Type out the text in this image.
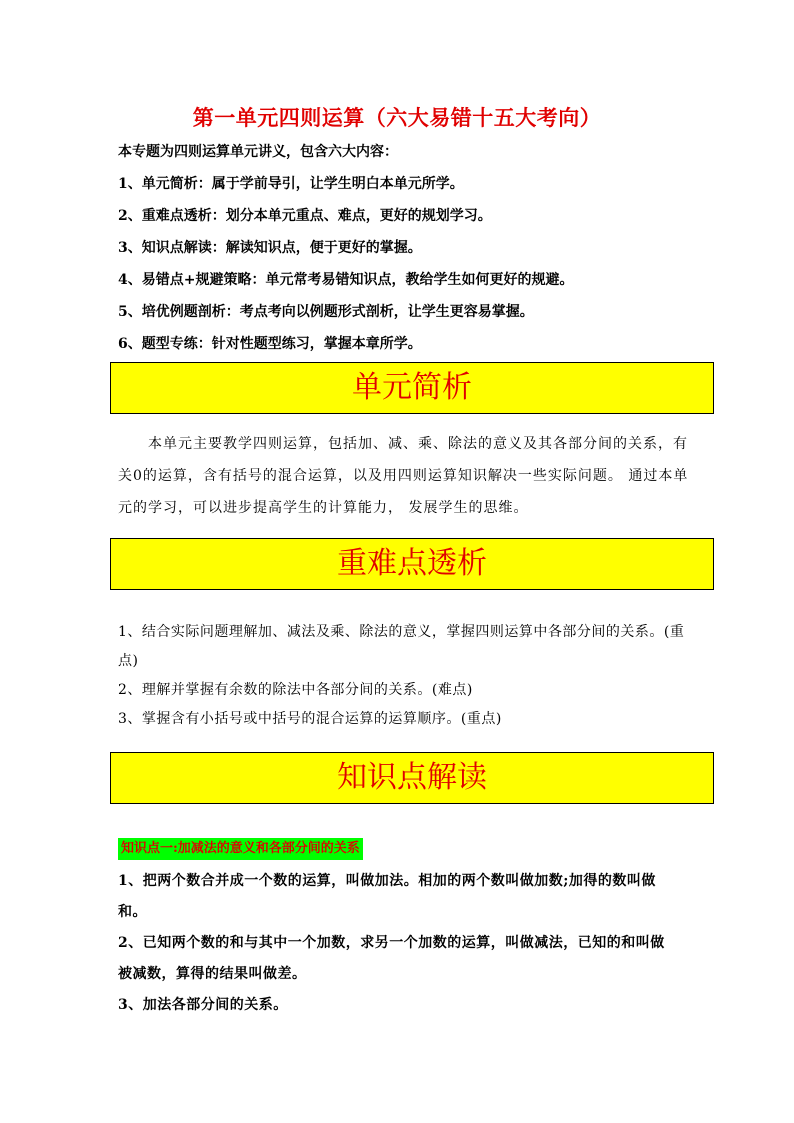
第一单元四则运算（六大易错十五大考向）

本专题为四则运算单元讲义，包含六大内容：

1、单元简析：属于学前导引，让学生明白本单元所学。

2、重难点透析：划分本单元重点、难点，更好的规划学习。

3、知识点解读：解读知识点，便于更好的掌握。

4、易错点+规避策略：单元常考易错知识点，教给学生如何更好的规避。

5、培优例题剖析：考点考向以例题形式剖析，让学生更容易掌握。

6、题型专练：针对性题型练习，掌握本章所学。

单元简析
本单元主要教学四则运算，包括加、减、乘、除法的意义及其各部分间的关系，有关0的运算，含有括号的混合运算，以及用四则运算知识解决一些实际问题。 通过本单元的学习，可以进步提高学生的计算能力， 发展学生的思维。
重难点透析

1、结合实际问题理解加、减法及乘、除法的意义，掌握四则运算中各部分间的关系。(重点)

2、理解并掌握有余数的除法中各部分间的关系。(难点)

3、掌握含有小括号或中括号的混合运算的运算顺序。(重点)

知识点解读
知识点一:加减法的意义和各部分间的关系

1、把两个数合并成一个数的运算，叫做加法。相加的两个数叫做加数;加得的数叫做和。

2、已知两个数的和与其中一个加数，求另一个加数的运算，叫做减法，已知的和叫做被减数，算得的结果叫做差。

3、加法各部分间的关系。
